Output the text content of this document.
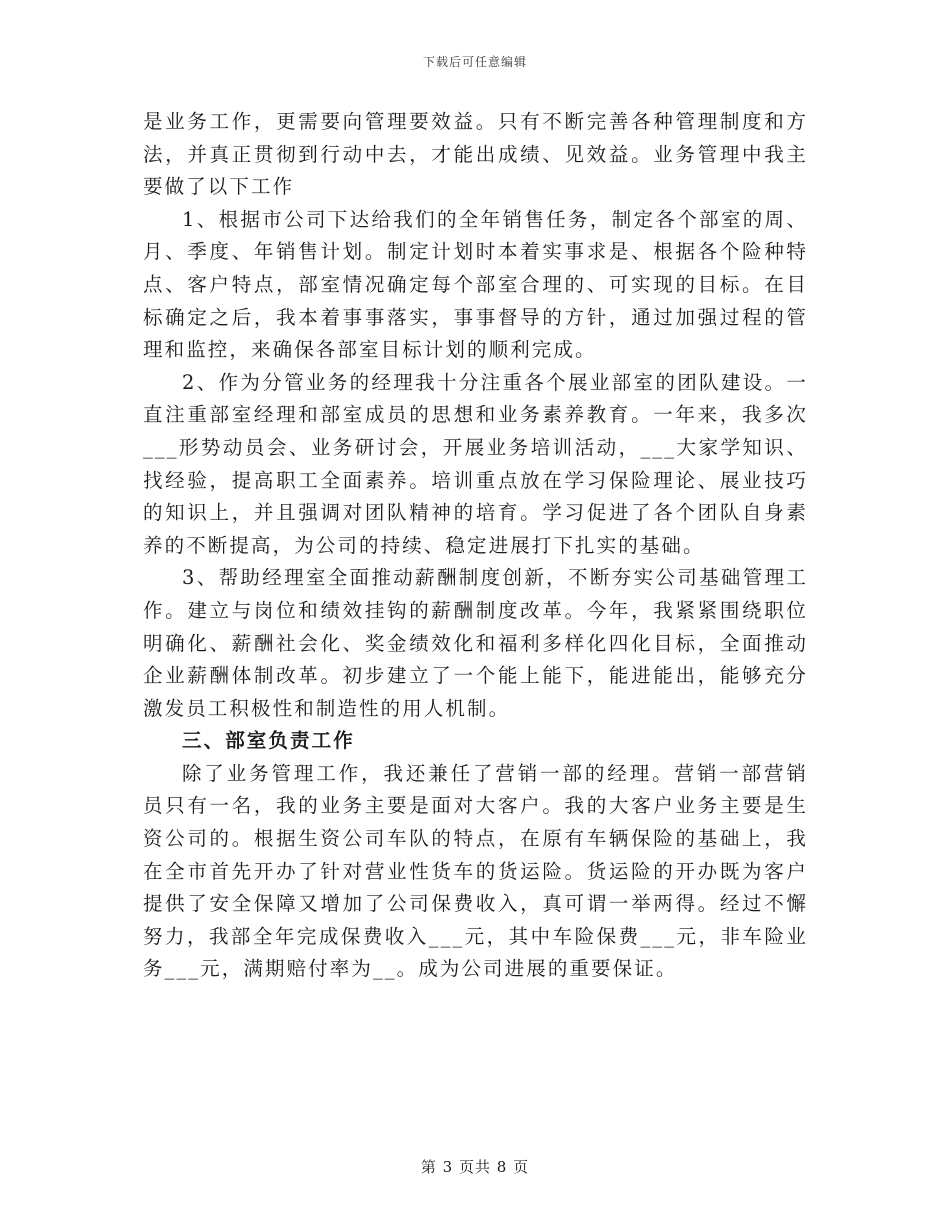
下载后可任意编辑

是业务工作，更需要向管理要效益。只有不断完善各种管理制度和方法，并真正贯彻到行动中去，才能出成绩、见效益。业务管理中我主要做了以下工作

1、根据市公司下达给我们的全年销售任务，制定各个部室的周、月、季度、年销售计划。制定计划时本着实事求是、根据各个险种特点、客户特点，部室情况确定每个部室合理的、可实现的目标。在目标确定之后，我本着事事落实，事事督导的方针，通过加强过程的管理和监控，来确保各部室目标计划的顺利完成。

2、作为分管业务的经理我十分注重各个展业部室的团队建设。一直注重部室经理和部室成员的思想和业务素养教育。一年来，我多次___形势动员会、业务研讨会，开展业务培训活动，___大家学知识、找经验，提高职工全面素养。培训重点放在学习保险理论、展业技巧的知识上，并且强调对团队精神的培育。学习促进了各个团队自身素养的不断提高，为公司的持续、稳定进展打下扎实的基础。

3、帮助经理室全面推动薪酬制度创新，不断夯实公司基础管理工作。建立与岗位和绩效挂钩的薪酬制度改革。今年，我紧紧围绕职位明确化、薪酬社会化、奖金绩效化和福利多样化四化目标，全面推动企业薪酬体制改革。初步建立了一个能上能下，能进能出，能够充分激发员工积极性和制造性的用人机制。

三、部室负责工作

除了业务管理工作，我还兼任了营销一部的经理。营销一部营销员只有一名，我的业务主要是面对大客户。我的大客户业务主要是生资公司的。根据生资公司车队的特点，在原有车辆保险的基础上，我在全市首先开办了针对营业性货车的货运险。货运险的开办既为客户提供了安全保障又增加了公司保费收入，真可谓一举两得。经过不懈努力，我部全年完成保费收入___元，其中车险保费___元，非车险业务___元，满期赔付率为__。成为公司进展的重要保证。

第 3 页共 8 页
